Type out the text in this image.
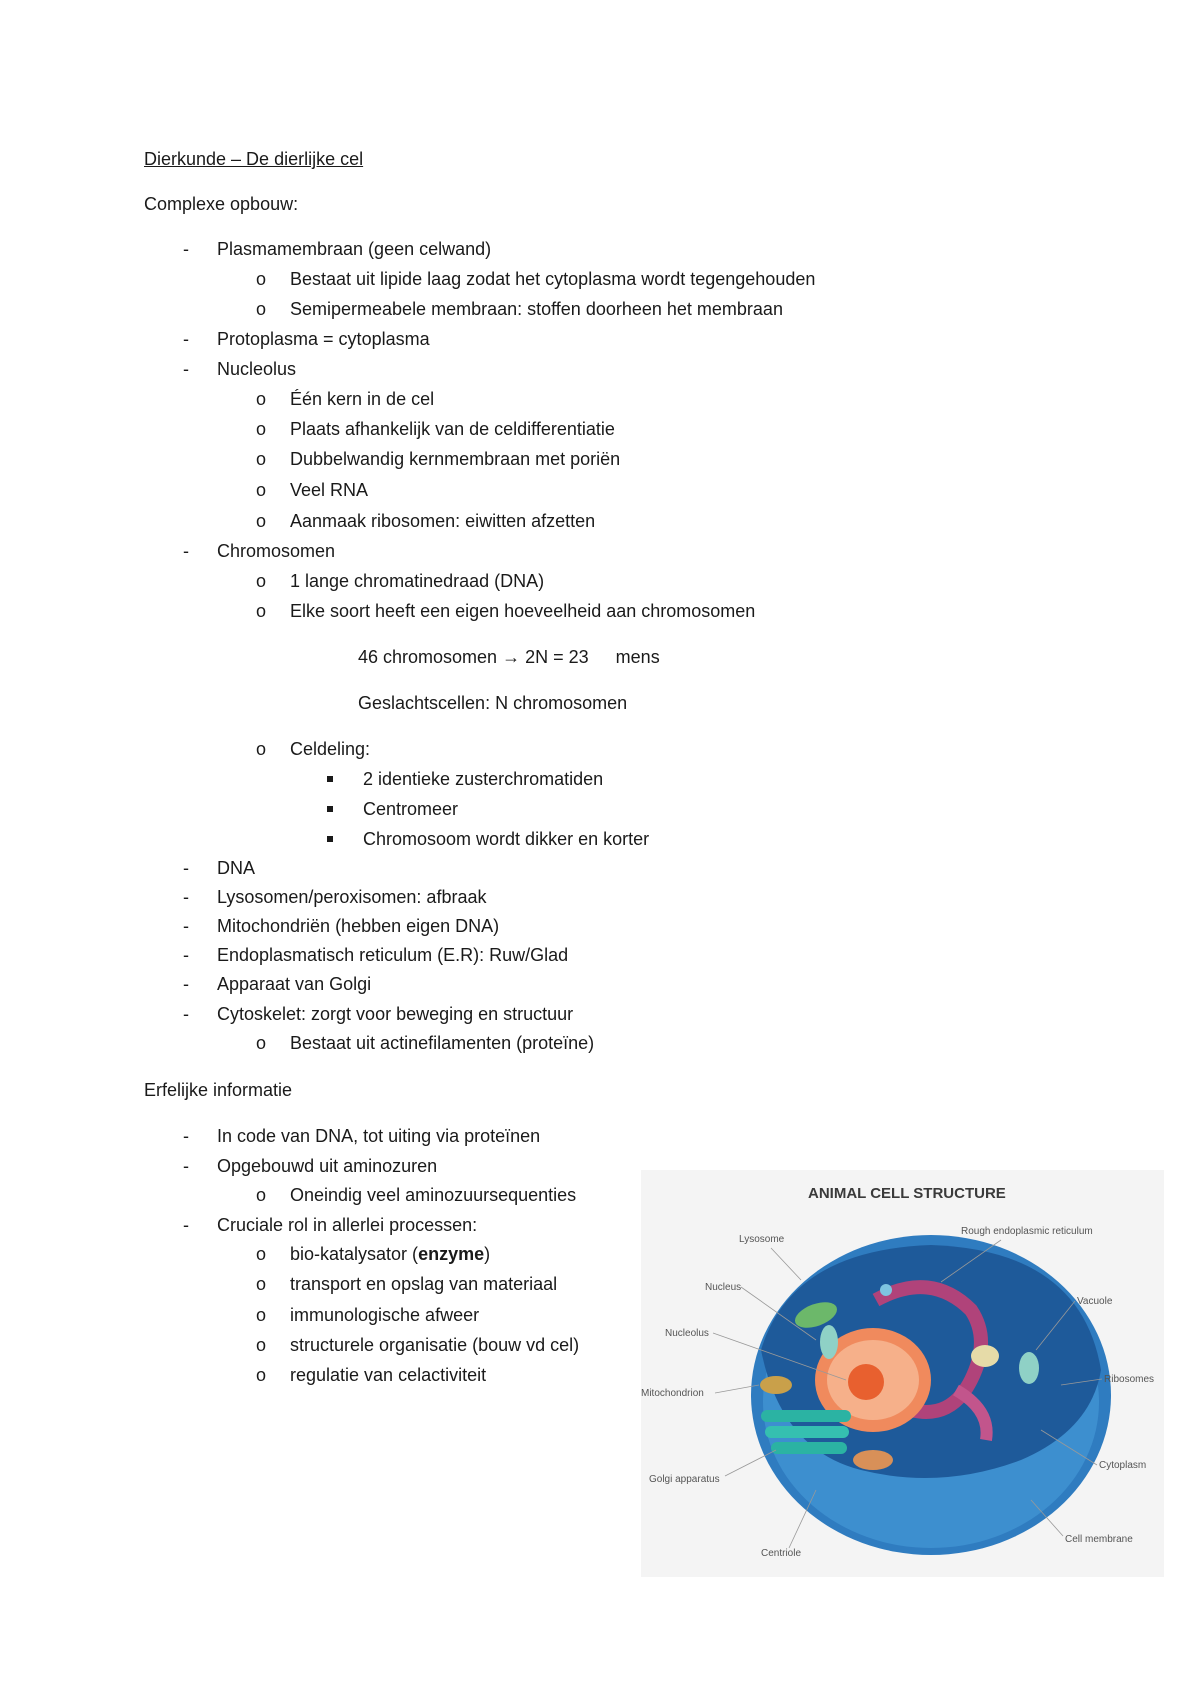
Dierkunde – De dierlijke cel
Complexe opbouw:
- Plasmamembraan (geen celwand)
o Bestaat uit lipide laag zodat het cytoplasma wordt tegengehouden
o Semipermeabele membraan: stoffen doorheen het membraan
- Protoplasma = cytoplasma
- Nucleolus
o Één kern in de cel
o Plaats afhankelijk van de celdifferentiatie
o Dubbelwandig kernmembraan met poriën
o Veel RNA
o Aanmaak ribosomen: eiwitten afzetten
- Chromosomen
o 1 lange chromatinedraad (DNA)
o Elke soort heeft een eigen hoeveelheid aan chromosomen
46 chromosomen → 2N = 23 mens
Geslachtscellen: N chromosomen
o Celdeling:
2 identieke zusterchromatiden
Centromeer
Chromosoom wordt dikker en korter
- DNA
- Lysosomen/peroxisomen: afbraak
- Mitochondriën (hebben eigen DNA)
- Endoplasmatisch reticulum (E.R): Ruw/Glad
- Apparaat van Golgi
- Cytoskelet: zorgt voor beweging en structuur
o Bestaat uit actinefilamenten (proteïne)
Erfelijke informatie
- In code van DNA, tot uiting via proteïnen
- Opgebouwd uit aminozuren
o Oneindig veel aminozuursequenties
- Cruciale rol in allerlei processen:
o bio-katalysator (enzyme)
o transport en opslag van materiaal
o immunologische afweer
o structurele organisatie (bouw vd cel)
o regulatie van celactiviteit
ANIMAL CELL STRUCTURE
Lysosome
Rough endoplasmic reticulum
Nucleus
Vacuole
Nucleolus
Ribosomes
Mitochondrion
Cytoplasm
Golgi apparatus
Cell membrane
Centriole
